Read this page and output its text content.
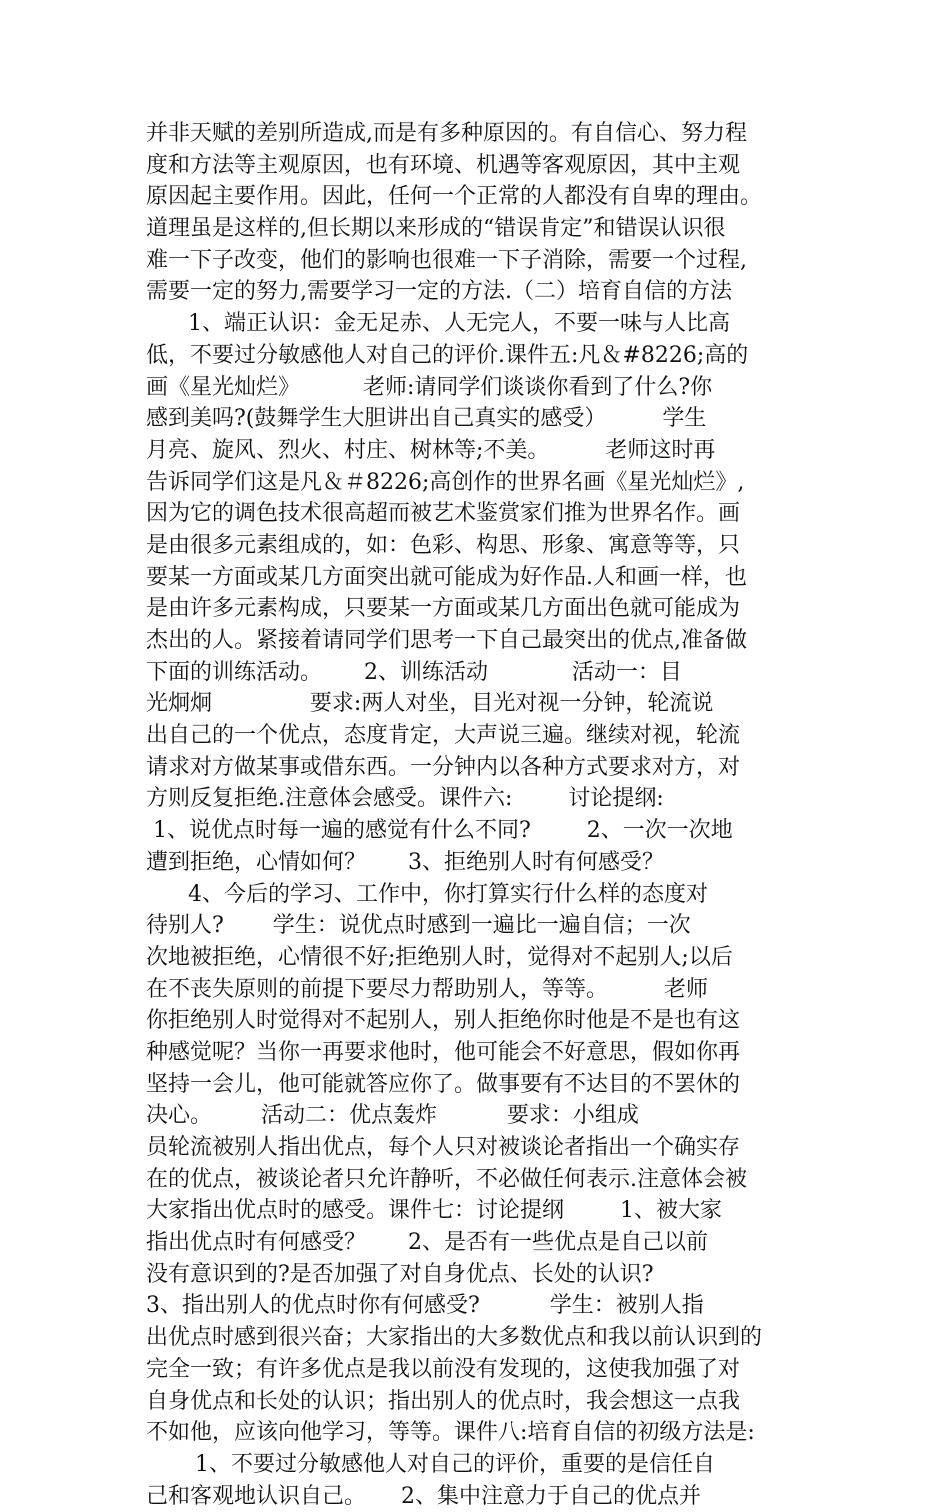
并非天赋的差别所造成,而是有多种原因的。有自信心、努力程
度和方法等主观原因，也有环境、机遇等客观原因，其中主观
原因起主要作用。因此，任何一个正常的人都没有自卑的理由。
道理虽是这样的,但长期以来形成的“错误肯定”和错误认识很
难一下子改变，他们的影响也很难一下子消除，需要一个过程,
需要一定的努力,需要学习一定的方法.（二）培育自信的方法
1、端正认识：金无足赤、人无完人，不要一味与人比高
低，不要过分敏感他人对自己的评价.课件五:凡＆#8226;高的
画《星光灿烂》         老师:请同学们谈谈你看到了什么?你
感到美吗?(鼓舞学生大胆讲出自己真实的感受）        学生
月亮、旋风、烈火、村庄、树林等;不美。        老师这时再
告诉同学们这是凡＆＃8226;高创作的世界名画《星光灿烂》,
因为它的调色技术很高超而被艺术鉴赏家们推为世界名作。画
是由很多元素组成的，如：色彩、构思、形象、寓意等等，只
要某一方面或某几方面突出就可能成为好作品.人和画一样，也
是由许多元素构成，只要某一方面或某几方面出色就可能成为
杰出的人。紧接着请同学们思考一下自己最突出的优点,准备做
下面的训练活动。      2、训练活动            活动一：目
光炯炯              要求:两人对坐，目光对视一分钟，轮流说
出自己的一个优点，态度肯定，大声说三遍。继续对视，轮流
请求对方做某事或借东西。一分钟内以各种方式要求对方，对
方则反复拒绝.注意体会感受。课件六:        讨论提纲:
1、说优点时每一遍的感觉有什么不同?        2、一次一次地
遭到拒绝，心情如何？      3、拒绝别人时有何感受？
4、今后的学习、工作中，你打算实行什么样的态度对
待别人?       学生：说优点时感到一遍比一遍自信；一次
次地被拒绝，心情很不好;拒绝别人时，觉得对不起别人;以后
在不丧失原则的前提下要尽力帮助别人，等等。        老师
你拒绝别人时觉得对不起别人，别人拒绝你时他是不是也有这
种感觉呢？当你一再要求他时，他可能会不好意思，假如你再
坚持一会儿，他可能就答应你了。做事要有不达目的不罢休的
决心。       活动二：优点轰炸          要求：小组成
员轮流被别人指出优点，每个人只对被谈论者指出一个确实存
在的优点，被谈论者只允许静听，不必做任何表示.注意体会被
大家指出优点时的感受。课件七：讨论提纲        1、被大家
指出优点时有何感受？      2、是否有一些优点是自己以前
没有意识到的?是否加强了对自身优点、长处的认识?
3、指出别人的优点时你有何感受?          学生：被别人指
出优点时感到很兴奋；大家指出的大多数优点和我以前认识到的
完全一致；有许多优点是我以前没有发现的，这使我加强了对
自身优点和长处的认识；指出别人的优点时，我会想这一点我
不如他，应该向他学习，等等。课件八:培育自信的初级方法是:
1、不要过分敏感他人对自己的评价，重要的是信任自
己和客观地认识自己。     2、集中注意力于自己的优点并
